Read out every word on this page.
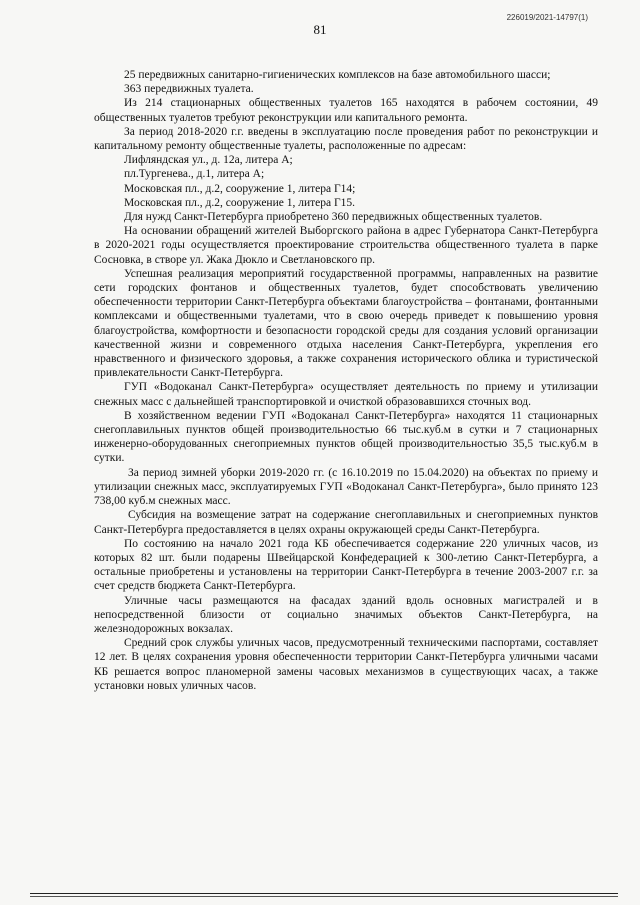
226019/2021-14797(1)
81

25 передвижных санитарно-гигиенических комплексов на базе автомобильного шасси;

363 передвижных туалета.

Из 214 стационарных общественных туалетов 165 находятся в рабочем состоянии, 49 общественных туалетов требуют реконструкции или капитального ремонта.

За период 2018-2020 г.г. введены в эксплуатацию после проведения работ по реконструкции и капитальному ремонту общественные туалеты, расположенные по адресам:

Лифляндская ул., д. 12а, литера А;

пл.Тургенева., д.1, литера А;

Московская пл., д.2, сооружение 1, литера Г14;

Московская пл., д.2, сооружение 1, литера Г15.

Для нужд Санкт-Петербурга приобретено 360 передвижных общественных туалетов.

На основании обращений жителей Выборгского района в адрес Губернатора Санкт-Петербурга в 2020-2021 годы осуществляется проектирование строительства общественного туалета в парке Сосновка, в створе ул. Жака Дюкло и Светлановского пр.

Успешная реализация мероприятий государственной программы, направленных на развитие сети городских фонтанов и общественных туалетов, будет способствовать увеличению обеспеченности территории Санкт-Петербурга объектами благоустройства – фонтанами, фонтанными комплексами и общественными туалетами, что в свою очередь приведет к повышению уровня благоустройства, комфортности и безопасности городской среды для создания условий организации качественной жизни и современного отдыха населения Санкт-Петербурга, укрепления его нравственного и физического здоровья, а также сохранения исторического облика и туристической привлекательности Санкт-Петербурга.

ГУП «Водоканал Санкт-Петербурга» осуществляет деятельность по приему и утилизации снежных масс с дальнейшей транспортировкой и очисткой образовавшихся сточных вод.

В хозяйственном ведении ГУП «Водоканал Санкт-Петербурга» находятся 11 стационарных снегоплавильных пунктов общей производительностью 66 тыс.куб.м в сутки и 7 стационарных инженерно-оборудованных снегоприемных пунктов общей производительностью 35,5 тыс.куб.м в сутки.

За период зимней уборки 2019-2020 гг. (с 16.10.2019 по 15.04.2020) на объектах по приему и утилизации снежных масс, эксплуатируемых ГУП «Водоканал Санкт-Петербурга», было принято 123 738,00 куб.м снежных масс.

Субсидия на возмещение затрат на содержание снегоплавильных и снегоприемных пунктов Санкт-Петербурга предоставляется в целях охраны окружающей среды Санкт-Петербурга.

По состоянию на начало 2021 года КБ обеспечивается содержание 220 уличных часов, из которых 82 шт. были подарены Швейцарской Конфедерацией к 300-летию Санкт-Петербурга, а остальные приобретены и установлены на территории Санкт-Петербурга в течение 2003-2007 г.г. за счет средств бюджета Санкт-Петербурга.

Уличные часы размещаются на фасадах зданий вдоль основных магистралей и в непосредственной близости от социально значимых объектов Санкт-Петербурга, на железнодорожных вокзалах.

Средний срок службы уличных часов, предусмотренный техническими паспортами, составляет 12 лет. В целях сохранения уровня обеспеченности территории Санкт-Петербурга уличными часами КБ решается вопрос планомерной замены часовых механизмов в существующих часах, а также установки новых уличных часов.
